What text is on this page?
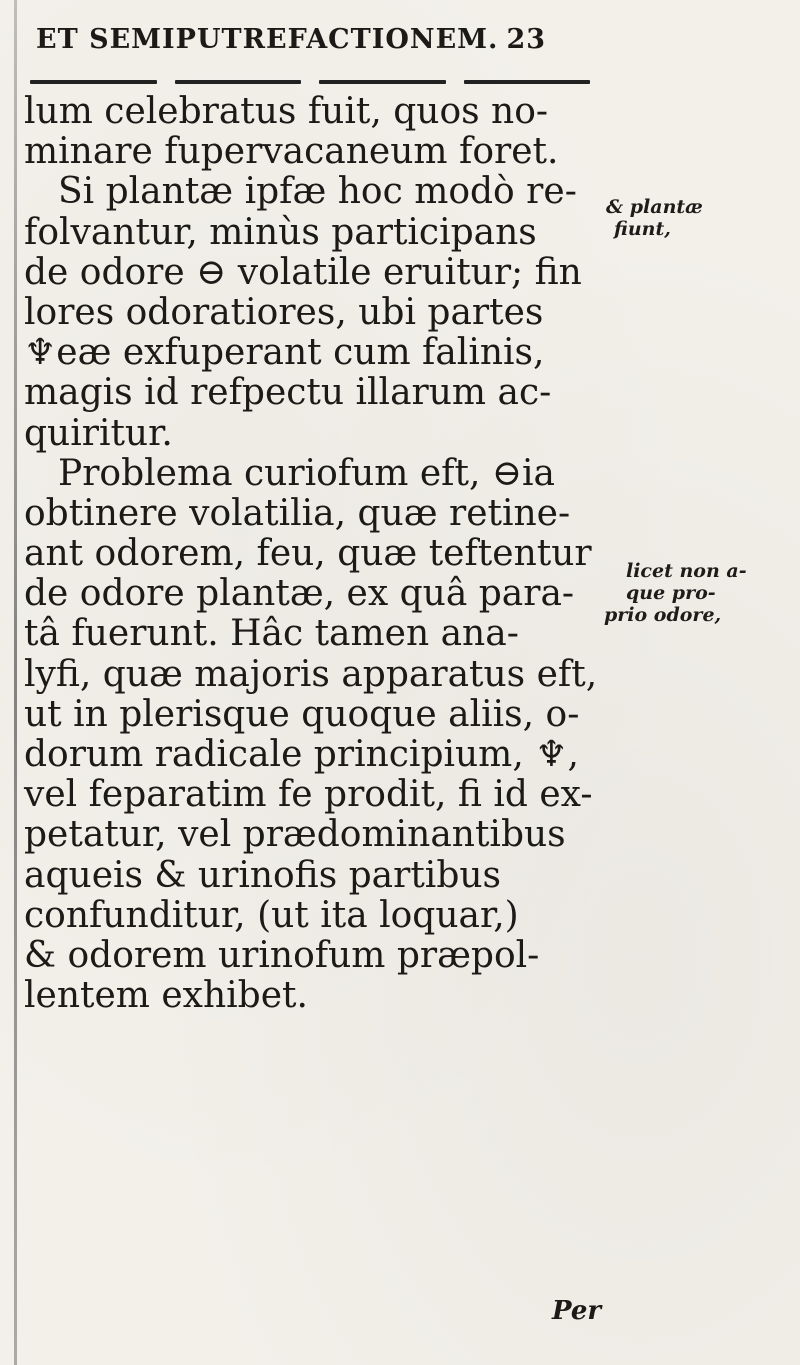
ET SEMIPUTREFACTIONEM. 23
lum celebratus fuit, quos no-
minare fupervacaneum foret.
Si plantæ ipfæ hoc modò re-
folvantur, minùs participans
de odore ⊖ volatile eruitur; fin
lores odoratiores, ubi partes
♆eæ exfuperant cum falinis,
magis id refpectu illarum ac-
quiritur.
Problema curiofum eft, ⊖ia
obtinere volatilia, quæ retine-
ant odorem, feu, quæ teftentur
de odore plantæ, ex quâ para-
tâ fuerunt. Hâc tamen ana-
lyfi, quæ majoris apparatus eft,
ut in plerisque quoque aliis, o-
dorum radicale principium, ♆,
vel feparatim fe prodit, fi id ex-
petatur, vel prædominantibus
aqueis & urinofis partibus
confunditur, (ut ita loquar,)
& odorem urinofum præpol-
lentem exhibet.
& plantæ
fiunt,
licet non a-
que pro-
prio odore,
Per
